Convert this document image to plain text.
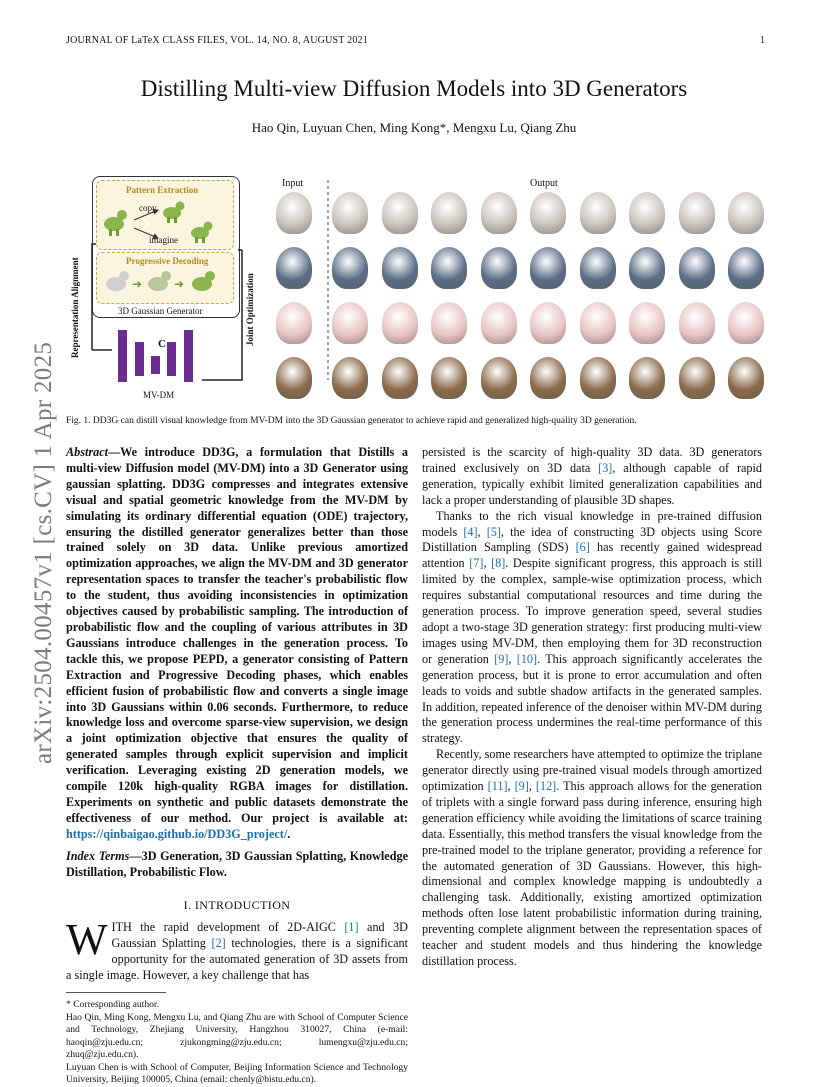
JOURNAL OF LaTeX CLASS FILES, VOL. 14, NO. 8, AUGUST 2021	1
arXiv:2504.00457v1 [cs.CV] 1 Apr 2025
Distilling Multi-view Diffusion Models into 3D Generators
Hao Qin, Luyuan Chen, Ming Kong*, Mengxu Lu, Qiang Zhu
Pattern Extraction
copy
imagine
Progressive Decoding
➜	➜
3D Gaussian Generator
Representation Alignment	Joint Optimization
C
MV-DM
Input	Output
Fig. 1. DD3G can distill visual knowledge from MV-DM into the 3D Gaussian generator to achieve rapid and generalized high-quality 3D generation.

Abstract—We introduce DD3G, a formulation that Distills a multi-view Diffusion model (MV-DM) into a 3D Generator using gaussian splatting. DD3G compresses and integrates extensive visual and spatial geometric knowledge from the MV-DM by simulating its ordinary differential equation (ODE) trajectory, ensuring the distilled generator generalizes better than those trained solely on 3D data. Unlike previous amortized optimization approaches, we align the MV-DM and 3D generator representation spaces to transfer the teacher's probabilistic flow to the student, thus avoiding inconsistencies in optimization objectives caused by probabilistic sampling. The introduction of probabilistic flow and the coupling of various attributes in 3D Gaussians introduce challenges in the generation process. To tackle this, we propose PEPD, a generator consisting of Pattern Extraction and Progressive Decoding phases, which enables efficient fusion of probabilistic flow and converts a single image into 3D Gaussians within 0.06 seconds. Furthermore, to reduce knowledge loss and overcome sparse-view supervision, we design a joint optimization objective that ensures the quality of generated samples through explicit supervision and implicit verification. Leveraging existing 2D generation models, we compile 120k high-quality RGBA images for distillation. Experiments on synthetic and public datasets demonstrate the effectiveness of our method. Our project is available at: https://qinbaigao.github.io/DD3G_project/.

Index Terms—3D Generation, 3D Gaussian Splatting, Knowledge Distillation, Probabilistic Flow.

I. INTRODUCTION

WITH the rapid development of 2D-AIGC [1] and 3D Gaussian Splatting [2] technologies, there is a significant opportunity for the automated generation of 3D assets from a single image. However, a key challenge that has

* Corresponding author.

Hao Qin, Ming Kong, Mengxu Lu, and Qiang Zhu are with School of Computer Science and Technology, Zhejiang University, Hangzhou 310027, China (e-mail: haoqin@zju.edu.cn; zjukongming@zju.edu.cn; lumengxu@zju.edu.cn; zhuq@zju.edu.cn).

Luyuan Chen is with School of Computer, Beijing Information Science and Technology University, Beijing 100005, China (email: chenly@bistu.edu.cn).

persisted is the scarcity of high-quality 3D data. 3D generators trained exclusively on 3D data [3], although capable of rapid generation, typically exhibit limited generalization capabilities and lack a proper understanding of plausible 3D shapes.

Thanks to the rich visual knowledge in pre-trained diffusion models [4], [5], the idea of constructing 3D objects using Score Distillation Sampling (SDS) [6] has recently gained widespread attention [7], [8]. Despite significant progress, this approach is still limited by the complex, sample-wise optimization process, which requires substantial computational resources and time during the generation process. To improve generation speed, several studies adopt a two-stage 3D generation strategy: first producing multi-view images using MV-DM, then employing them for 3D reconstruction or generation [9], [10]. This approach significantly accelerates the generation process, but it is prone to error accumulation and often leads to voids and subtle shadow artifacts in the generated samples. In addition, repeated inference of the denoiser within MV-DM during the generation process undermines the real-time performance of this strategy.

Recently, some researchers have attempted to optimize the triplane generator directly using pre-trained visual models through amortized optimization [11], [9], [12]. This approach allows for the generation of triplets with a single forward pass during inference, ensuring high generation efficiency while avoiding the limitations of scarce training data. Essentially, this method transfers the visual knowledge from the pre-trained model to the triplane generator, providing a reference for the automated generation of 3D Gaussians. However, this high-dimensional and complex knowledge mapping is undoubtedly a challenging task. Additionally, existing amortized optimization methods often lose latent probabilistic information during training, preventing complete alignment between the representation spaces of teacher and student models and thus hindering the knowledge distillation process.
